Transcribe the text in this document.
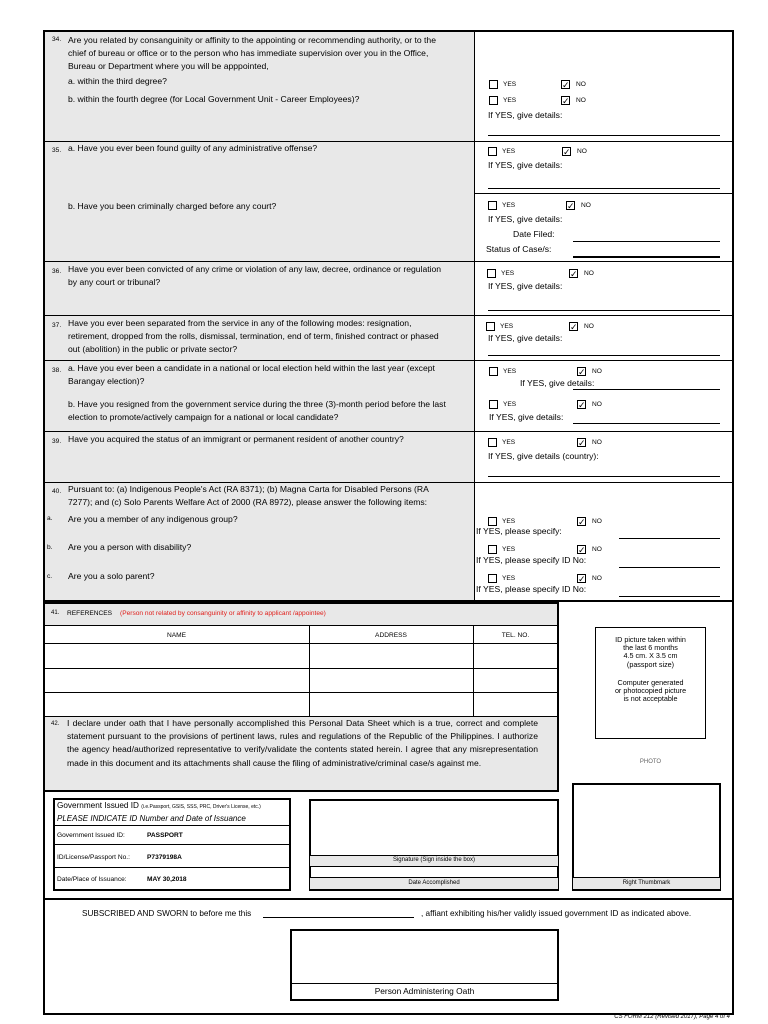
34. Are you related by consanguinity or affinity to the appointing or recommending authority, or to the
chief of bureau or office or to the person who has immediate supervision over you in the Office,
Bureau or Department where you will be apppointed,
a. within the third degree?
b. within the fourth degree (for Local Government Unit - Career Employees)?
YES	✓ NO
YES	✓ NO
If YES, give details:
35. a. Have you ever been found guilty of any administrative offense?	YES	✓ NO
If YES, give details:
b. Have you been criminally charged before any court?	YES	✓ NO
If YES, give details:
Date Filed:
Status of Case/s:
36. Have you ever been convicted of any crime or violation of any law, decree, ordinance or regulation
by any court or tribunal?
YES	✓ NO
If YES, give details:
37. Have you ever been separated from the service in any of the following modes: resignation,
retirement, dropped from the rolls, dismissal, termination, end of term, finished contract or phased
out (abolition) in the public or private sector?
YES	✓ NO
If YES, give details:
38. a. Have you ever been a candidate in a national or local election held within the last year (except
Barangay election)?
YES	✓ NO
If YES, give details:
b. Have you resigned from the government service during the three (3)-month period before the last
election to promote/actively campaign for a national or local candidate?
YES	✓ NO
If YES, give details:
39. Have you acquired the status of an immigrant or permanent resident of another country?	YES	✓ NO
If YES, give details (country):
40. Pursuant to: (a) Indigenous People's Act (RA 8371); (b) Magna Carta for Disabled Persons (RA
7277); and (c) Solo Parents Welfare Act of 2000 (RA 8972), please answer the following items:
a. Are you a member of any indigenous group?	YES	✓ NO
If YES, please specify:
b. Are you a person with disability?	YES	✓ NO
If YES, please specify ID No:
c. Are you a solo parent?	YES	✓ NO
If YES, please specify ID No:
41. REFERENCES (Person not related by consanguinity or affinity to applicant /appointee)
NAME	ADDRESS	TEL. NO.
42. I declare under oath that I have personally accomplished this Personal Data Sheet which is a true, correct and complete statement pursuant to the provisions of pertinent laws, rules and regulations of the Republic of the Philippines. I authorize the agency head/authorized representative to verify/validate the contents stated herein. I agree that any misrepresentation made in this document and its attachments shall cause the filing of administrative/criminal case/s against me.
ID picture taken within
the last 6 months
4.5 cm. X 3.5 cm
(passport size)
Computer generated
or photocopied picture
is not acceptable
PHOTO
Government Issued ID (i.e.Passport, GSIS, SSS, PRC, Driver's License, etc.)
PLEASE INDICATE ID Number and Date of Issuance
Government Issued ID:	PASSPORT
ID/License/Passport No.:	P7379198A
Date/Place of Issuance:	MAY 30,2018
Signature (Sign inside the box)
Date Accomplished	Right Thumbmark
SUBSCRIBED AND SWORN to before me this	, affiant exhibiting his/her validly issued government ID as indicated above.
Person Administering Oath
CS FORM 212 (Revised 2017), Page 4 of 4
